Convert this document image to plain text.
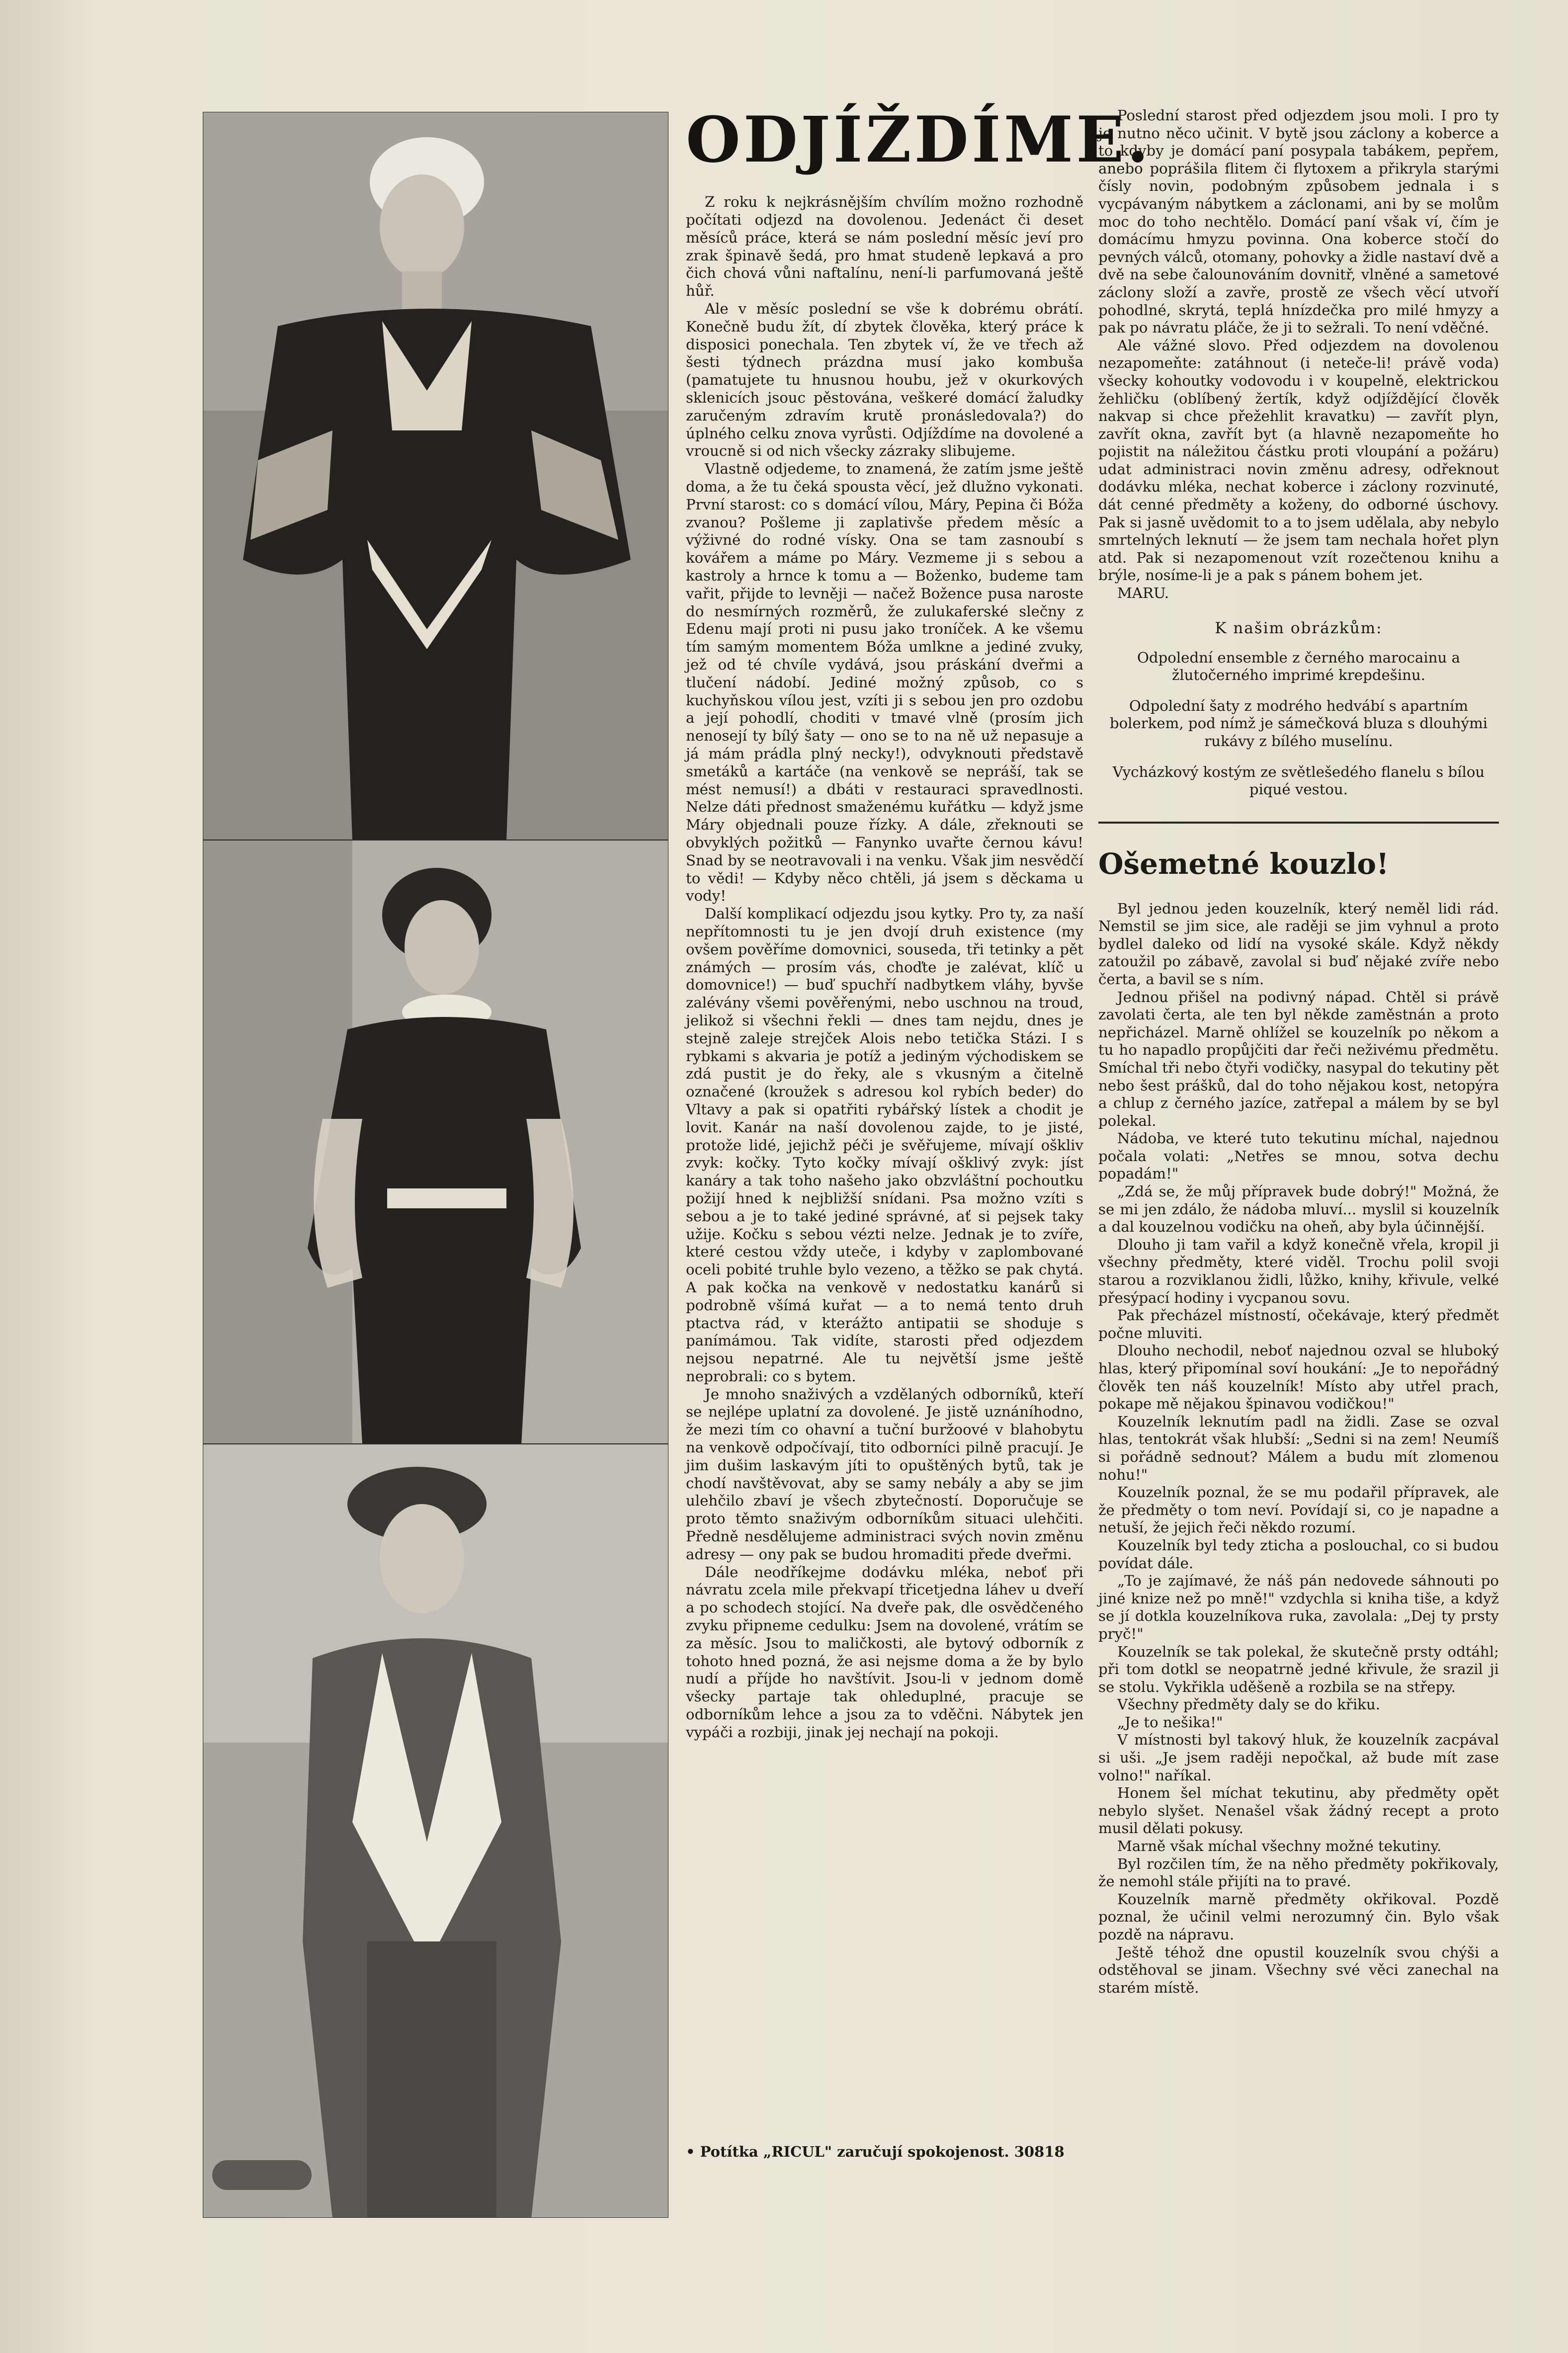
ODJÍŽDÍME.

Z roku k nejkrásnějším chvílím možno rozhodně počítati odjezd na dovolenou. Jedenáct či deset měsíců práce, která se nám poslední měsíc jeví pro zrak špinavě šedá, pro hmat studeně lepkavá a pro čich chová vůni naftalínu, není-li parfumovaná ještě hůř.

Ale v měsíc poslední se vše k dobrému obrátí. Konečně budu žít, dí zbytek člověka, který práce k disposici ponechala. Ten zbytek ví, že ve třech až šesti týdnech prázdna musí jako kombuša (pamatujete tu hnusnou houbu, jež v okurkových sklenicích jsouc pěstována, veškeré domácí žaludky zaručeným zdravím krutě pronásledovala?) do úplného celku znova vyrůsti. Odjíždíme na dovolené a vroucně si od nich všecky zázraky slibujeme.

Vlastně odjedeme, to znamená, že zatím jsme ještě doma, a že tu čeká spousta věcí, jež dlužno vykonati. První starost: co s domácí vílou, Máry, Pepina či Bóža zvanou? Pošleme ji zaplativše předem měsíc a výživné do rodné vísky. Ona se tam zasnoubí s kovářem a máme po Máry. Vezmeme ji s sebou a kastroly a hrnce k tomu a — Boženko, budeme tam vařit, přijde to levněji — načež Božence pusa naroste do nesmírných rozměrů, že zulukaferské slečny z Edenu mají proti ni pusu jako troníček. A ke všemu tím samým momentem Bóža umlkne a jediné zvuky, jež od té chvíle vydává, jsou práskání dveřmi a tlučení nádobí. Jediné možný způsob, co s kuchyňskou vílou jest, vzíti ji s sebou jen pro ozdobu a její pohodlí, choditi v tmavé vlně (prosím jich nenosejí ty bílý šaty — ono se to na ně už nepasuje a já mám prádla plný necky!), odvyknouti představě smetáků a kartáče (na venkově se nepráší, tak se mést nemusí!) a dbáti v restauraci spravedlnosti. Nelze dáti přednost smaženému kuřátku — když jsme Máry objednali pouze řízky. A dále, zřeknouti se obvyklých požitků — Fanynko uvařte černou kávu! Snad by se neotravovali i na venku. Však jim nesvědčí to vědi! — Kdyby něco chtěli, já jsem s děckama u vody!

Další komplikací odjezdu jsou kytky. Pro ty, za naší nepřítomnosti tu je jen dvojí druh existence (my ovšem pověříme domovnici, souseda, tři tetinky a pět známých — prosím vás, choďte je zalévat, klíč u domovnice!) — buď spuchří nadbytkem vláhy, byvše zalévány všemi pověřenými, nebo uschnou na troud, jelikož si všechni řekli — dnes tam nejdu, dnes je stejně zaleje strejček Alois nebo tetička Stázi. I s rybkami s akvaria je potíž a jediným východiskem se zdá pustit je do řeky, ale s vkusným a čitelně označené (kroužek s adresou kol rybích beder) do Vltavy a pak si opatřiti rybářský lístek a chodit je lovit. Kanár na naší dovolenou zajde, to je jisté, protože lidé, jejichž péči je svěřujeme, mívají oškliv zvyk: kočky. Tyto kočky mívají ošklivý zvyk: jíst kanáry a tak toho našeho jako obzvláštní pochoutku požijí hned k nejbližší snídani. Psa možno vzíti s sebou a je to také jediné správné, ať si pejsek taky užije. Kočku s sebou vézti nelze. Jednak je to zvíře, které cestou vždy uteče, i kdyby v zaplombované oceli pobité truhle bylo vezeno, a těžko se pak chytá. A pak kočka na venkově v nedostatku kanárů si podrobně všímá kuřat — a to nemá tento druh ptactva rád, v kterážto antipatii se shoduje s panímámou. Tak vidíte, starosti před odjezdem nejsou nepatrné. Ale tu největší jsme ještě neprobrali: co s bytem.

Je mnoho snaživých a vzdělaných odborníků, kteří se nejlépe uplatní za dovolené. Je jistě uznáníhodno, že mezi tím co ohavní a tuční buržoové v blahobytu na venkově odpočívají, tito odborníci pilně pracují. Je jim dušim laskavým jíti to opuštěných bytů, tak je chodí navštěvovat, aby se samy nebály a aby se jim ulehčilo zbaví je všech zbytečností. Doporučuje se proto těmto snaživým odborníkům situaci ulehčiti. Předně nesdělujeme administraci svých novin změnu adresy — ony pak se budou hromaditi přede dveřmi.

Dále neodříkejme dodávku mléka, neboť při návratu zcela mile překvapí třicetjedna láhev u dveří a po schodech stojící. Na dveře pak, dle osvědčeného zvyku připneme cedulku: Jsem na dovolené, vrátím se za měsíc. Jsou to maličkosti, ale bytový odborník z tohoto hned pozná, že asi nejsme doma a že by bylo nudí a příjde ho navštívit. Jsou-li v jednom domě všecky partaje tak ohleduplné, pracuje se odborníkům lehce a jsou za to vděčni. Nábytek jen vypáči a rozbiji, jinak jej nechají na pokoji.

• Potítka „RICUL" zaručují spokojenost. 30818

Poslední starost před odjezdem jsou moli. I pro ty je nutno něco učinit. V bytě jsou záclony a koberce a to kdyby je domácí paní posypala tabákem, pepřem, anebo poprášila flitem či flytoxem a přikryla starými čísly novin, podobným způsobem jednala i s vycpávaným nábytkem a záclonami, ani by se molům moc do toho nechtělo. Domácí paní však ví, čím je domácímu hmyzu povinna. Ona koberce stočí do pevných válců, otomany, pohovky a židle nastaví dvě a dvě na sebe čalounováním dovnitř, vlněné a sametové záclony složí a zavře, prostě ze všech věcí utvoří pohodlné, skrytá, teplá hnízdečka pro milé hmyzy a pak po návratu pláče, že ji to sežrali. To není vděčné.

Ale vážné slovo. Před odjezdem na dovolenou nezapomeňte: zatáhnout (i neteče-li! právě voda) všecky kohoutky vodovodu i v koupelně, elektrickou žehličku (oblíbený žertík, když odjíždějící člověk nakvap si chce přežehlit kravatku) — zavřít plyn, zavřít okna, zavřít byt (a hlavně nezapomeňte ho pojistit na náležitou částku proti vloupání a požáru) udat administraci novin změnu adresy, odřeknout dodávku mléka, nechat koberce i záclony rozvinuté, dát cenné předměty a koženy, do odborné úschovy. Pak si jasně uvědomit to a to jsem udělala, aby nebylo smrtelných leknutí — že jsem tam nechala hořet plyn atd. Pak si nezapomenout vzít rozečtenou knihu a brýle, nosíme-li je a pak s pánem bohem jet.

MARU.

K našim obrázkům:

Odpolední ensemble z černého marocainu a žlutočerného imprimé krepdešinu.

Odpolední šaty z modrého hedvábí s apartním bolerkem, pod nímž je sámečková bluza s dlouhými rukávy z bílého muselínu.

Vycházkový kostým ze světlešedého flanelu s bílou piqué vestou.

Ošemetné kouzlo!

Byl jednou jeden kouzelník, který neměl lidi rád. Nemstil se jim sice, ale raději se jim vyhnul a proto bydlel daleko od lidí na vysoké skále. Když někdy zatoužil po zábavě, zavolal si buď nějaké zvíře nebo čerta, a bavil se s ním.

Jednou přišel na podivný nápad. Chtěl si právě zavolati čerta, ale ten byl někde zaměstnán a proto nepřicházel. Marně ohlížel se kouzelník po někom a tu ho napadlo propůjčiti dar řeči neživému předmětu. Smíchal tři nebo čtyři vodičky, nasypal do tekutiny pět nebo šest prášků, dal do toho nějakou kost, netopýra a chlup z černého jazíce, zatřepal a málem by se byl polekal.

Nádoba, ve které tuto tekutinu míchal, najednou počala volati: „Netřes se mnou, sotva dechu popadám!"

„Zdá se, že můj přípravek bude dobrý!" Možná, že se mi jen zdálo, že nádoba mluví... myslil si kouzelník a dal kouzelnou vodičku na oheň, aby byla účinnější.

Dlouho ji tam vařil a když konečně vřela, kropil ji všechny předměty, které viděl. Trochu polil svoji starou a rozviklanou židli, lůžko, knihy, křivule, velké přesýpací hodiny i vycpanou sovu.

Pak přecházel místností, očekávaje, který předmět počne mluviti.

Dlouho nechodil, neboť najednou ozval se hluboký hlas, který připomínal soví houkání: „Je to nepořádný člověk ten náš kouzelník! Místo aby utřel prach, pokape mě nějakou špinavou vodičkou!"

Kouzelník leknutím padl na židli. Zase se ozval hlas, tentokrát však hlubší: „Sedni si na zem! Neumíš si pořádně sednout? Málem a budu mít zlomenou nohu!"

Kouzelník poznal, že se mu podařil přípravek, ale že předměty o tom neví. Povídají si, co je napadne a netuší, že jejich řeči někdo rozumí.

Kouzelník byl tedy zticha a poslouchal, co si budou povídat dále.

„To je zajímavé, že náš pán nedovede sáhnouti po jiné knize než po mně!" vzdychla si kniha tiše, a když se jí dotkla kouzelníkova ruka, zavolala: „Dej ty prsty pryč!"

Kouzelník se tak polekal, že skutečně prsty odtáhl; při tom dotkl se neopatrně jedné křivule, že srazil ji se stolu. Vykřikla uděšeně a rozbila se na střepy.

Všechny předměty daly se do křiku.

„Je to nešika!"

V místnosti byl takový hluk, že kouzelník zacpával si uši. „Je jsem raději nepočkal, až bude mít zase volno!" naříkal.

Honem šel míchat tekutinu, aby předměty opět nebylo slyšet. Nenašel však žádný recept a proto musil dělati pokusy.

Marně však míchal všechny možné tekutiny.

Byl rozčilen tím, že na něho předměty pokřikovaly, že nemohl stále přijíti na to pravé.

Kouzelník marně předměty okřikoval. Pozdě poznal, že učinil velmi nerozumný čin. Bylo však pozdě na nápravu.

Ještě téhož dne opustil kouzelník svou chýši a odstěhoval se jinam. Všechny své věci zanechal na starém místě.
